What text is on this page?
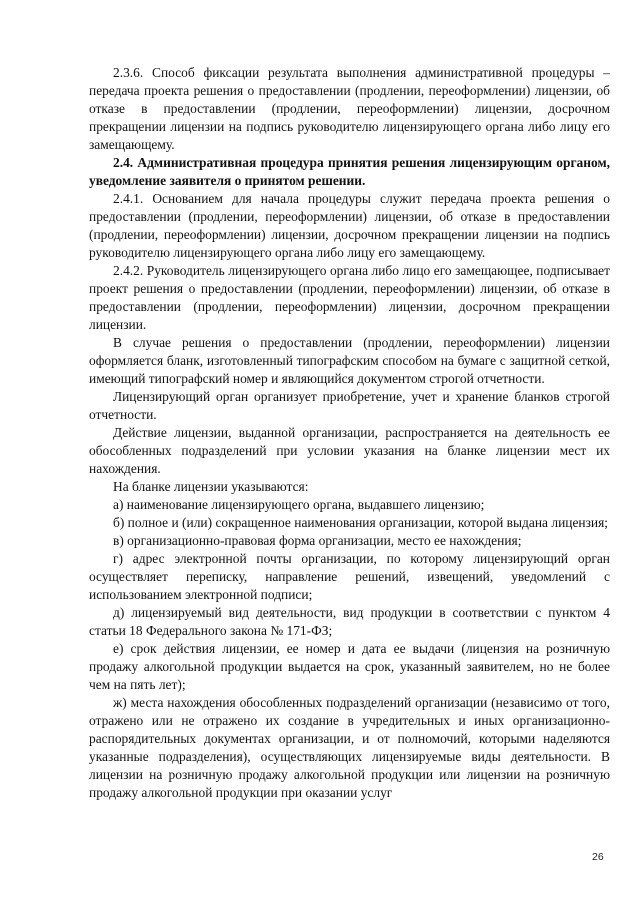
2.3.6. Способ фиксации результата выполнения административной процедуры – передача проекта решения о предоставлении (продлении, переоформлении) лицензии, об отказе в предоставлении (продлении, переоформлении) лицензии, досрочном прекращении лицензии на подпись руководителю лицензирующего органа либо лицу его замещающему.

2.4. Административная процедура принятия решения лицензирующим органом, уведомление заявителя о принятом решении.

2.4.1. Основанием для начала процедуры служит передача проекта решения о предоставлении (продлении, переоформлении) лицензии, об отказе в предоставлении (продлении, переоформлении) лицензии, досрочном прекращении лицензии на подпись руководителю лицензирующего органа либо лицу его замещающему.

2.4.2. Руководитель лицензирующего органа либо лицо его замещающее, подписывает проект решения о предоставлении (продлении, переоформлении) лицензии, об отказе в предоставлении (продлении, переоформлении) лицензии, досрочном прекращении лицензии.

В случае решения о предоставлении (продлении, переоформлении) лицензии оформляется бланк, изготовленный типографским способом на бумаге с защитной сеткой, имеющий типографский номер и являющийся документом строгой отчетности.

Лицензирующий орган организует приобретение, учет и хранение бланков строгой отчетности.

Действие лицензии, выданной организации, распространяется на деятельность ее обособленных подразделений при условии указания на бланке лицензии мест их нахождения.

На бланке лицензии указываются:

а) наименование лицензирующего органа, выдавшего лицензию;

б) полное и (или) сокращенное наименования организации, которой выдана лицензия;

в) организационно-правовая форма организации, место ее нахождения;

г) адрес электронной почты организации, по которому лицензирующий орган осуществляет переписку, направление решений, извещений, уведомлений с использованием электронной подписи;

д) лицензируемый вид деятельности, вид продукции в соответствии с пунктом 4 статьи 18 Федерального закона № 171-ФЗ;

е) срок действия лицензии, ее номер и дата ее выдачи (лицензия на розничную продажу алкогольной продукции выдается на срок, указанный заявителем, но не более чем на пять лет);

ж) места нахождения обособленных подразделений организации (независимо от того, отражено или не отражено их создание в учредительных и иных организационно-распорядительных документах организации, и от полномочий, которыми наделяются указанные подразделения), осуществляющих лицензируемые виды деятельности. В лицензии на розничную продажу алкогольной продукции или лицензии на розничную продажу алкогольной продукции при оказании услуг

26
